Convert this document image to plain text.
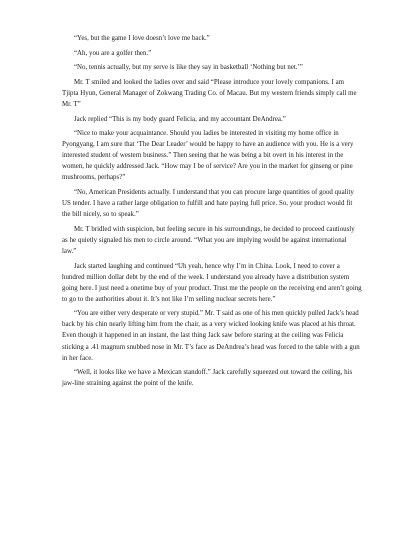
“Yes, but the game I love doesn’t love me back.”

“Ah, you are a golfer then.”

“No, tennis actually, but my serve is like they say in basketball ‘Nothing but net.’”

Mr. T smiled and looked the ladies over and said “Please introduce your lovely companions. I am Tjipta Hyun, General Manager of Zokwang Trading Co. of Macau. But my western friends simply call me Mr. T”

Jack replied “This is my body guard Felicia, and my accountant DeAndrea.”

“Nice to make your acquaintance. Should you ladies be interested in visiting my home office in Pyongyang, I am sure that ‘The Dear Leader’ would be happy to have an audience with you. He is a very interested student of western business.” Then seeing that he was being a bit overt in his interest in the women, he quickly addressed Jack. “How may I be of service? Are you in the market for ginseng or pine mushrooms, perhaps?”

“No, American Presidents actually. I understand that you can procure large quantities of good quality US tender. I have a rather large obligation to fulfill and hate paying full price. So, your product would fit the bill nicely, so to speak.”

Mr. T bridled with suspicion, but feeling secure in his surroundings, he decided to proceed cautiously as he quietly signaled his men to circle around. “What you are implying would be against international law.”

Jack started laughing and continued “Uh yeah, hence why I’m in China. Look, I need to cover a hundred million dollar debt by the end of the week. I understand you already have a distribution system going here. I just need a onetime buy of your product. Trust me the people on the receiving end aren’t going to go to the authorities about it. It’s not like I’m selling nuclear secrets here.”

“You are either very desperate or very stupid.” Mr. T said as one of his men quickly pulled Jack’s head back by his chin nearly lifting him from the chair, as a very wicked looking knife was placed at his throat. Even though it happened in an instant, the last thing Jack saw before staring at the ceiling was Felicia sticking a .41 magnum snubbed nose in Mr. T’s face as DeAndrea’s head was forced to the table with a gun in her face.

“Well, it looks like we have a Mexican standoff.” Jack carefully squeezed out toward the ceiling, his jaw-line straining against the point of the knife.
